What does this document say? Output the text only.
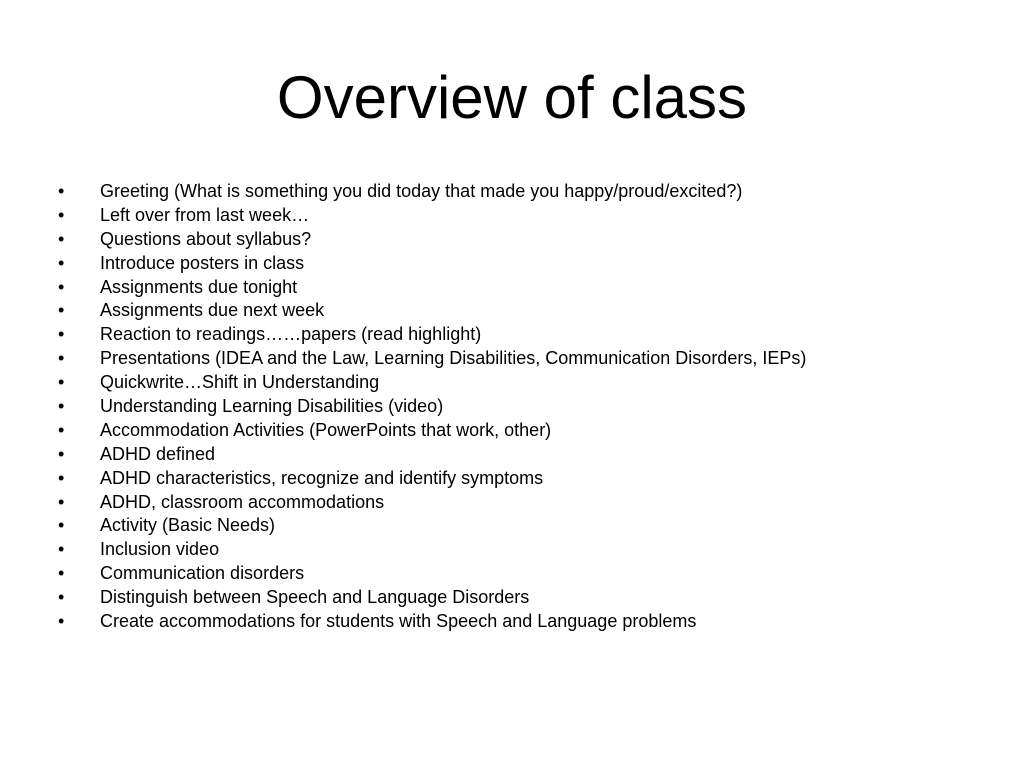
Overview of class
•	Greeting (What is something you did today that made you happy/proud/excited?)
•	Left over from last week…
•	Questions about syllabus?
•	Introduce posters in class
•	Assignments due tonight
•	Assignments due next week
•	Reaction to readings……papers (read highlight)
•	Presentations (IDEA and the Law, Learning Disabilities, Communication Disorders, IEPs)
•	Quickwrite…Shift in Understanding
•	Understanding Learning Disabilities (video)
•	Accommodation Activities (PowerPoints that work, other)
•	ADHD defined
•	ADHD characteristics, recognize and identify symptoms
•	ADHD, classroom accommodations
•	Activity (Basic Needs)
•	Inclusion video
•	Communication disorders
•	Distinguish between Speech and Language Disorders
•	Create accommodations for students with Speech and Language problems
